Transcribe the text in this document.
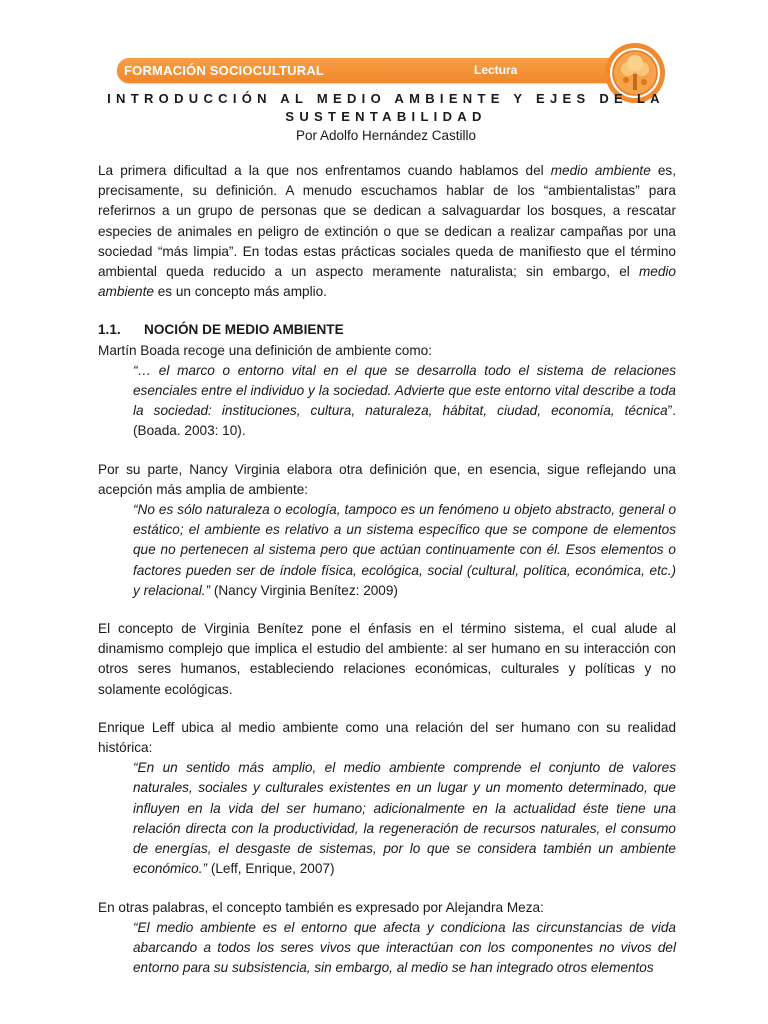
FORMACIÓN SOCIOCULTURAL	Lectura

INTRODUCCIÓN AL MEDIO AMBIENTE Y EJES DE LA

SUSTENTABILIDAD

Por Adolfo Hernández Castillo

La primera dificultad a la que nos enfrentamos cuando hablamos del medio ambiente es, precisamente, su definición. A menudo escuchamos hablar de los “ambientalistas” para referirnos a un grupo de personas que se dedican a salvaguardar los bosques, a rescatar especies de animales en peligro de extinción o que se dedican a realizar campañas por una sociedad “más limpia”. En todas estas prácticas sociales queda de manifiesto que el término ambiental queda reducido a un aspecto meramente naturalista; sin embargo, el medio ambiente es un concepto más amplio.

1.1. NOCIÓN DE MEDIO AMBIENTE

Martín Boada recoge una definición de ambiente como:

“… el marco o entorno vital en el que se desarrolla todo el sistema de relaciones esenciales entre el individuo y la sociedad. Advierte que este entorno vital describe a toda la sociedad: instituciones, cultura, naturaleza, hábitat, ciudad, economía, técnica”. (Boada. 2003: 10).

Por su parte, Nancy Virginia elabora otra definición que, en esencia, sigue reflejando una acepción más amplia de ambiente:

“No es sólo naturaleza o ecología, tampoco es un fenómeno u objeto abstracto, general o estático; el ambiente es relativo a un sistema específico que se compone de elementos que no pertenecen al sistema pero que actúan continuamente con él. Esos elementos o factores pueden ser de índole física, ecológica, social (cultural, política, económica, etc.) y relacional.” (Nancy Virginia Benítez: 2009)

El concepto de Virginia Benítez pone el énfasis en el término sistema, el cual alude al dinamismo complejo que implica el estudio del ambiente: al ser humano en su interacción con otros seres humanos, estableciendo relaciones económicas, culturales y políticas y no solamente ecológicas.

Enrique Leff ubica al medio ambiente como una relación del ser humano con su realidad histórica:

“En un sentido más amplio, el medio ambiente comprende el conjunto de valores naturales, sociales y culturales existentes en un lugar y un momento determinado, que influyen en la vida del ser humano; adicionalmente en la actualidad éste tiene una relación directa con la productividad, la regeneración de recursos naturales, el consumo de energías, el desgaste de sistemas, por lo que se considera también un ambiente económico.” (Leff, Enrique, 2007)

En otras palabras, el concepto también es expresado por Alejandra Meza:

“El medio ambiente es el entorno que afecta y condiciona las circunstancias de vida abarcando a todos los seres vivos que interactúan con los componentes no vivos del entorno para su subsistencia, sin embargo, al medio se han integrado otros elementos
